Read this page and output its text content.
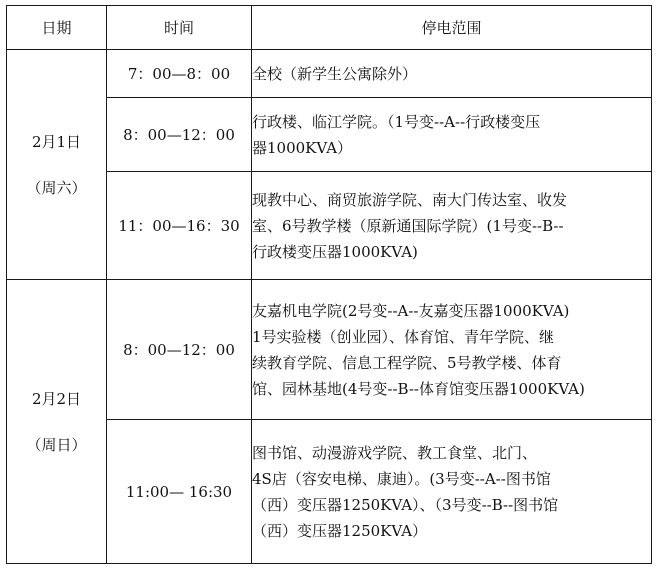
日期	时间	停电范围

2月1日
（周六）	7：00—8：00	全校（新学生公寓除外）

	8：00—12：00	行政楼、临江学院。（1号变--A--行政楼变压
器1000KVA）

	11：00—16：30	现教中心、商贸旅游学院、南大门传达室、收发
室、6号教学楼（原新通国际学院）(1号变--B--
行政楼变压器1000KVA)

2月2日
（周日）	8：00—12：00	友嘉机电学院(2号变--A--友嘉变压器1000KVA)
1号实验楼（创业园）、体育馆、青年学院、继
续教育学院、信息工程学院、5号教学楼、体育
馆、园林基地(4号变--B--体育馆变压器1000KVA)

	11:00— 16:30	图书馆、动漫游戏学院、教工食堂、北门、
4S店（容安电梯、康迪）。(3号变--A--图书馆
（西）变压器1250KVA）、（3号变--B--图书馆
（西）变压器1250KVA）
